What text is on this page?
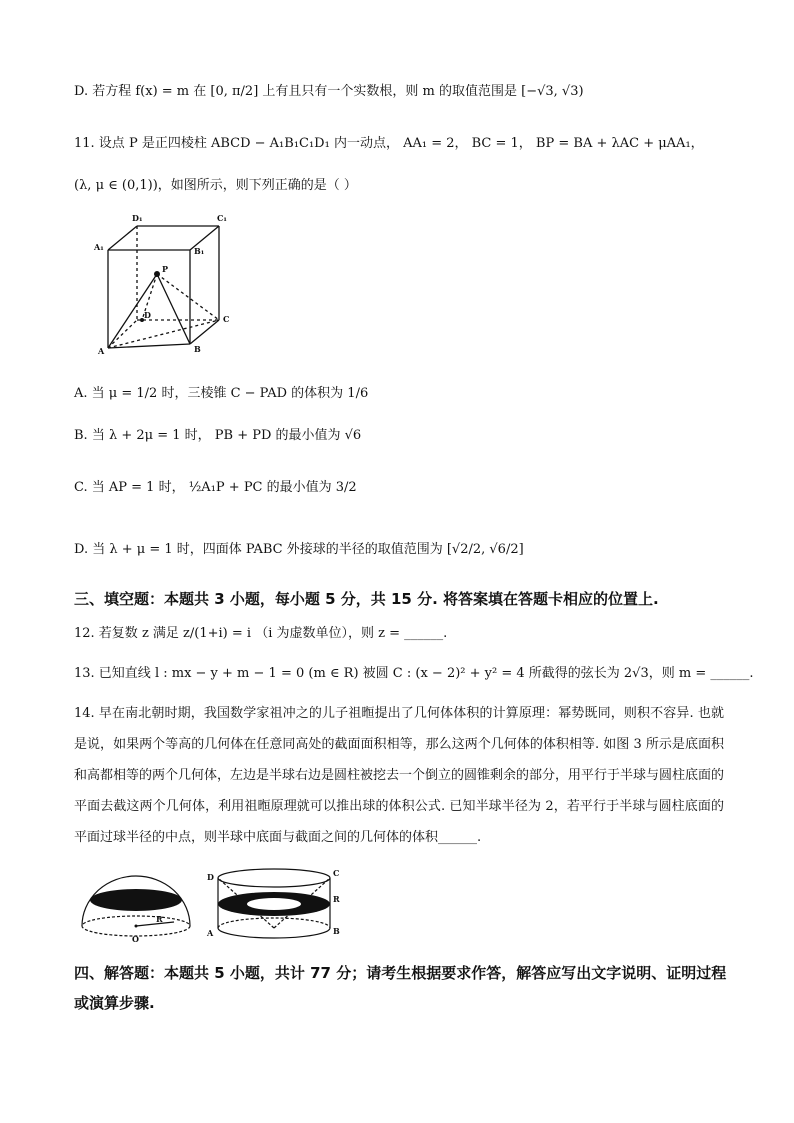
D. 若方程 f(x) = m 在 [0, π/2] 上有且只有一个实数根，则 m 的取值范围是 [−√3, √3)
11. 设点 P 是正四棱柱 ABCD − A₁B₁C₁D₁ 内一动点， AA₁ = 2， BC = 1， BP = BA + λAC + μAA₁，
(λ, μ ∈ (0,1))，如图所示，则下列正确的是（ ）
D₁	C₁
A₁	B₁
P
D	C
A	B
A. 当 μ = 1/2 时，三棱锥 C − PAD 的体积为 1/6
B. 当 λ + 2μ = 1 时， PB + PD 的最小值为 √6
C. 当 AP = 1 时， ½A₁P + PC 的最小值为 3/2
D. 当 λ + μ = 1 时，四面体 PABC 外接球的半径的取值范围为 [√2/2, √6/2]
三、填空题：本题共 3 小题，每小题 5 分，共 15 分. 将答案填在答题卡相应的位置上.
12. 若复数 z 满足 z/(1+i) = i （i 为虚数单位），则 z = ______.
13. 已知直线 l : mx − y + m − 1 = 0 (m ∈ R) 被圆 C : (x − 2)² + y² = 4 所截得的弦长为 2√3，则 m = ______.
14. 早在南北朝时期，我国数学家祖冲之的儿子祖暅提出了几何体体积的计算原理：幂势既同，则积不容异. 也就是说，如果两个等高的几何体在任意同高处的截面面积相等，那么这两个几何体的体积相等. 如图 3 所示是底面积和高都相等的两个几何体，左边是半球右边是圆柱被挖去一个倒立的圆锥剩余的部分，用平行于半球与圆柱底面的平面去截这两个几何体，利用祖暅原理就可以推出球的体积公式. 已知半球半径为 2，若平行于半球与圆柱底面的平面过球半径的中点，则半球中底面与截面之间的几何体的体积______.
D	C
R
A	B
O
R
四、解答题：本题共 5 小题，共计 77 分；请考生根据要求作答，解答应写出文字说明、证明过程或演算步骤.
